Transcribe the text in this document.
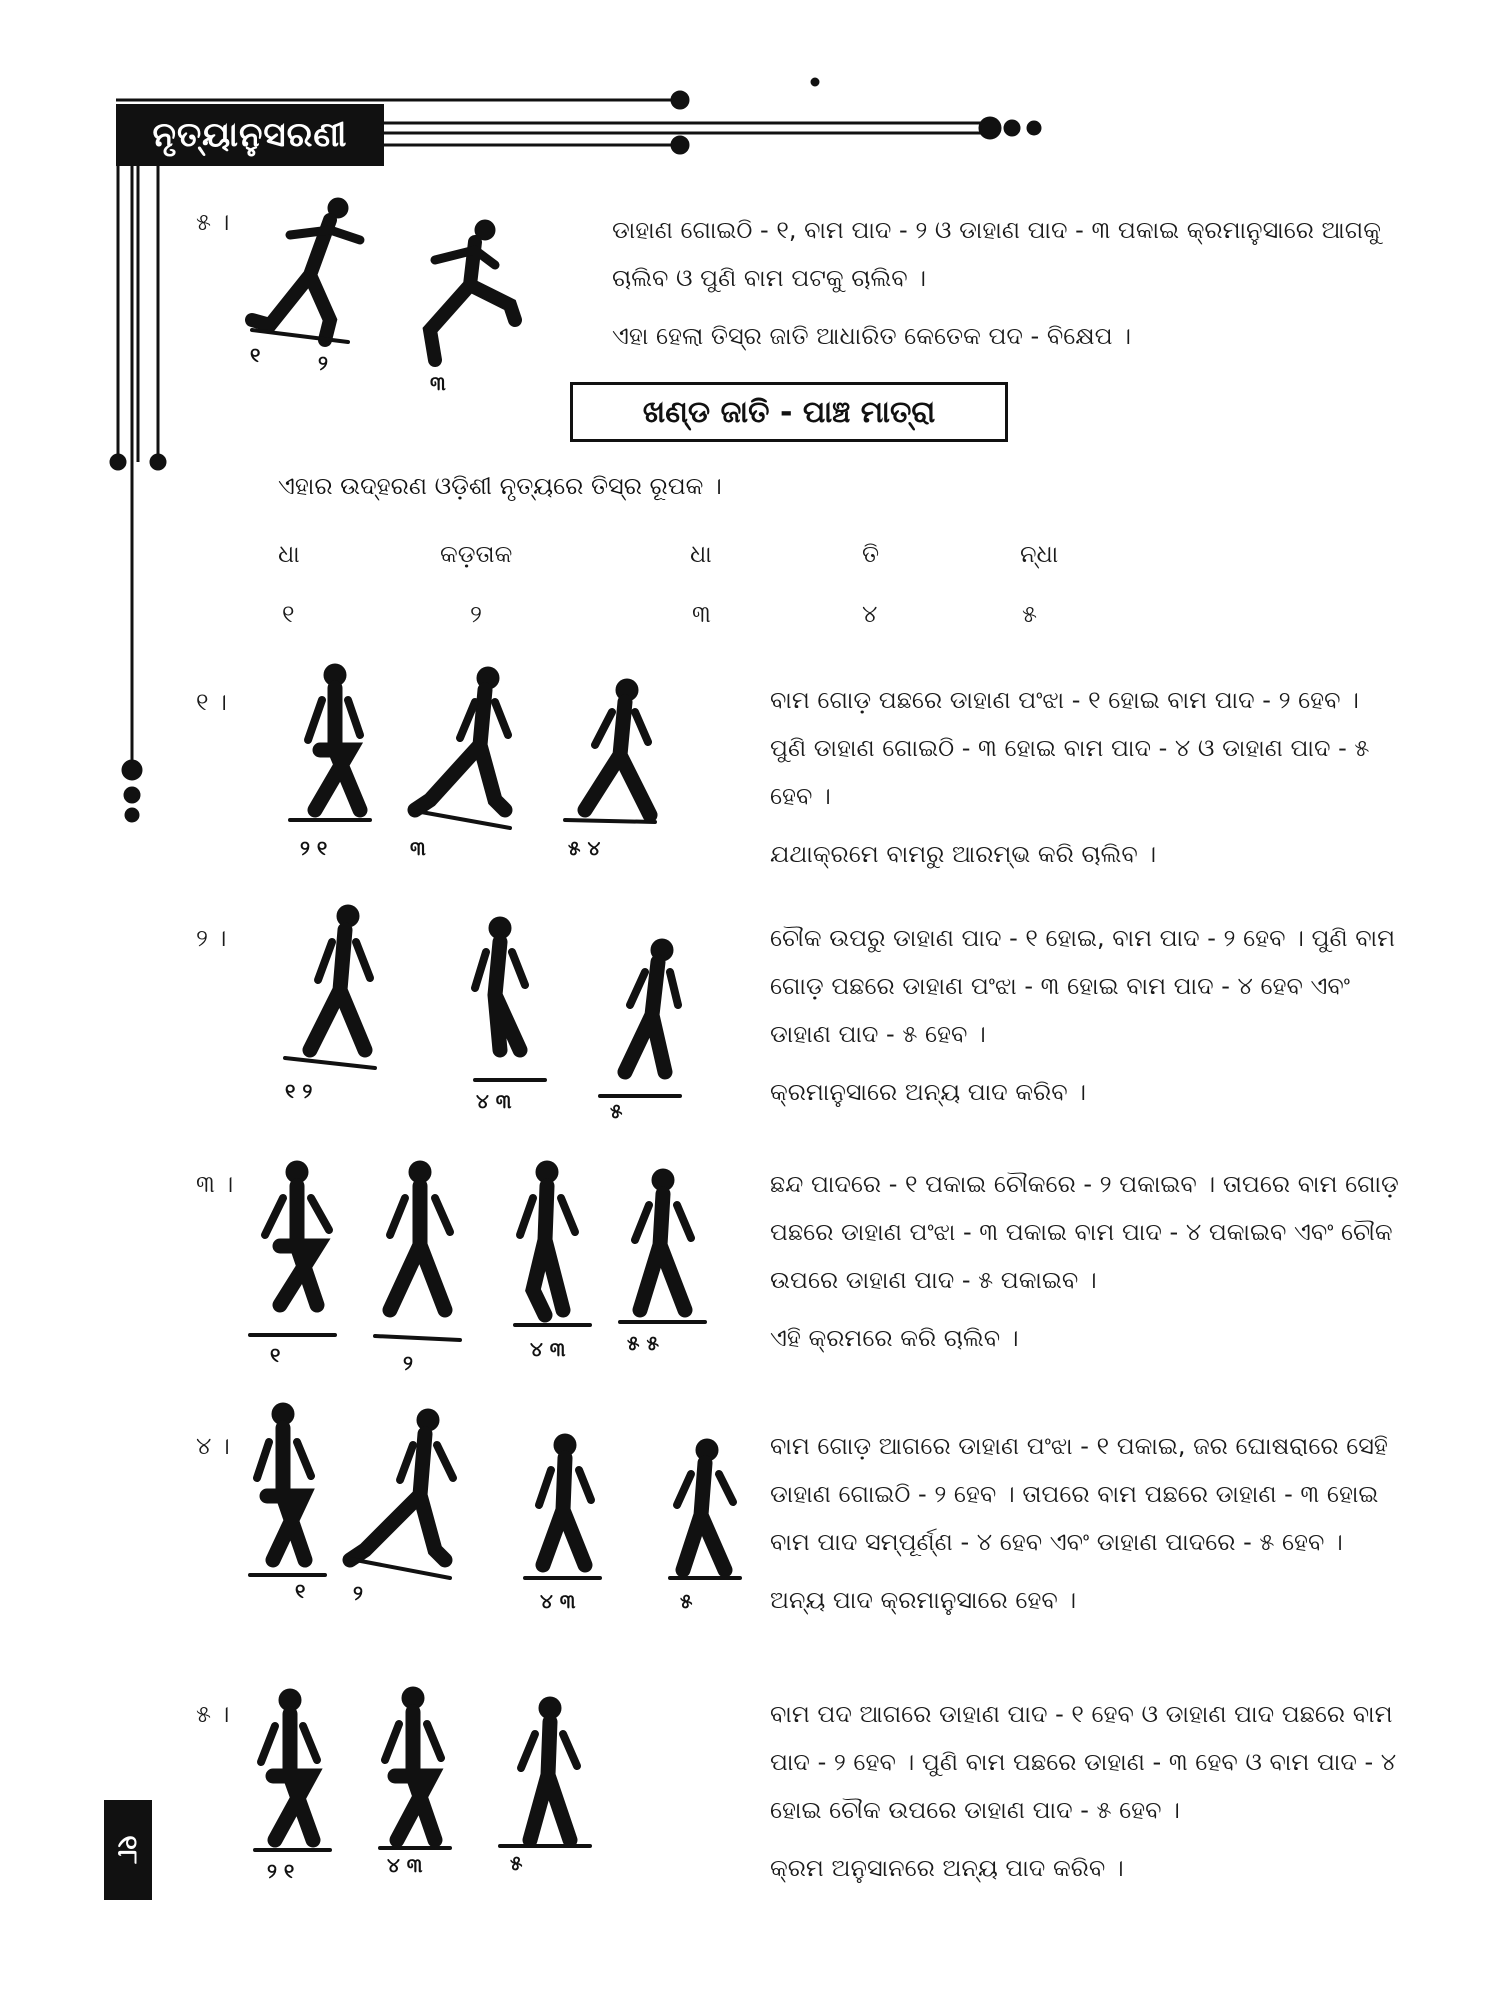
ନୃତ୍ୟାନୁସରଣୀ
୧୮
୫ ।
୧	୨
୩

ଡାହାଣ ଗୋଇଠି - ୧, ବାମ ପାଦ - ୨ ଓ ଡାହାଣ ପାଦ - ୩ ପକାଇ କ୍ରମାନୁସାରେ ଆଗକୁ ଚାଲିବ ଓ ପୁଣି ବାମ ପଟକୁ ଚାଲିବ ।

ଏହା ହେଲା ତିସ୍ର ଜାତି ଆଧାରିତ କେତେକ ପଦ - ବିକ୍ଷେପ ।

ଖଣ୍ଡ ଜାତି - ପାଞ୍ଚ ମାତ୍ରା
ଏହାର ଉଦ୍‌ହରଣ ଓଡ଼ିଶୀ ନୃତ୍ୟରେ ତିସ୍ର ରୂପକ ।
ଧା	କଡ଼ତାକ	ଧା	ତି	ନ୍ଧା
୧	୨	୩	୪	୫
୧ ।
୨ ୧	୩	୫ ୪

ବାମ ଗୋଡ଼ ପଛରେ ଡାହାଣ ପଂଝା - ୧ ହୋଇ ବାମ ପାଦ - ୨ ହେବ । ପୁଣି ଡାହାଣ ଗୋଇଠି - ୩ ହୋଇ ବାମ ପାଦ - ୪ ଓ ଡାହାଣ ପାଦ - ୫ ହେବ ।

ଯଥାକ୍ରମେ ବାମରୁ ଆରମ୍ଭ କରି ଚାଲିବ ।

୨ ।
୧ ୨	୪ ୩	୫

ଚୌକ ଉପରୁ ଡାହାଣ ପାଦ - ୧ ହୋଇ, ବାମ ପାଦ - ୨ ହେବ । ପୁଣି ବାମ ଗୋଡ଼ ପଛରେ ଡାହାଣ ପଂଝା - ୩ ହୋଇ ବାମ ପାଦ - ୪ ହେବ ଏବଂ ଡାହାଣ ପାଦ - ୫ ହେବ ।

କ୍ରମାନୁସାରେ ଅନ୍ୟ ପାଦ କରିବ ।

୩ ।
୧	୨
୪ ୩	୫ ୫

ଛନ୍ଦ ପାଦରେ - ୧ ପକାଇ ଚୌକରେ - ୨ ପକାଇବ । ତାପରେ ବାମ ଗୋଡ଼ ପଛରେ ଡାହାଣ ପଂଝା - ୩ ପକାଇ ବାମ ପାଦ - ୪ ପକାଇବ ଏବଂ ଚୌକ ଉପରେ ଡାହାଣ ପାଦ - ୫ ପକାଇବ ।

ଏହି କ୍ରମରେ କରି ଚାଲିବ ।

୪ ।
୧ ୨	୪ ୩	୫

ବାମ ଗୋଡ଼ ଆଗରେ ଡାହାଣ ପଂଝା - ୧ ପକାଇ, ଜର ଘୋଷରାରେ ସେହି ଡାହାଣ ଗୋଇଠି - ୨ ହେବ । ତାପରେ ବାମ ପଛରେ ଡାହାଣ - ୩ ହୋଇ ବାମ ପାଦ ସମ୍ପୂର୍ଣ୍ଣ - ୪ ହେବ ଏବଂ ଡାହାଣ ପାଦରେ - ୫ ହେବ ।

ଅନ୍ୟ ପାଦ କ୍ରମାନୁସାରେ ହେବ ।

୫ ।
୨ ୧	୪ ୩	୫

ବାମ ପଦ ଆଗରେ ଡାହାଣ ପାଦ - ୧ ହେବ ଓ ଡାହାଣ ପାଦ ପଛରେ ବାମ ପାଦ - ୨ ହେବ । ପୁଣି ବାମ ପଛରେ ଡାହାଣ - ୩ ହେବ ଓ ବାମ ପାଦ - ୪ ହୋଇ ଚୌକ ଉପରେ ଡାହାଣ ପାଦ - ୫ ହେବ ।

କ୍ରମ ଅନୁସାନରେ ଅନ୍ୟ ପାଦ କରିବ ।
